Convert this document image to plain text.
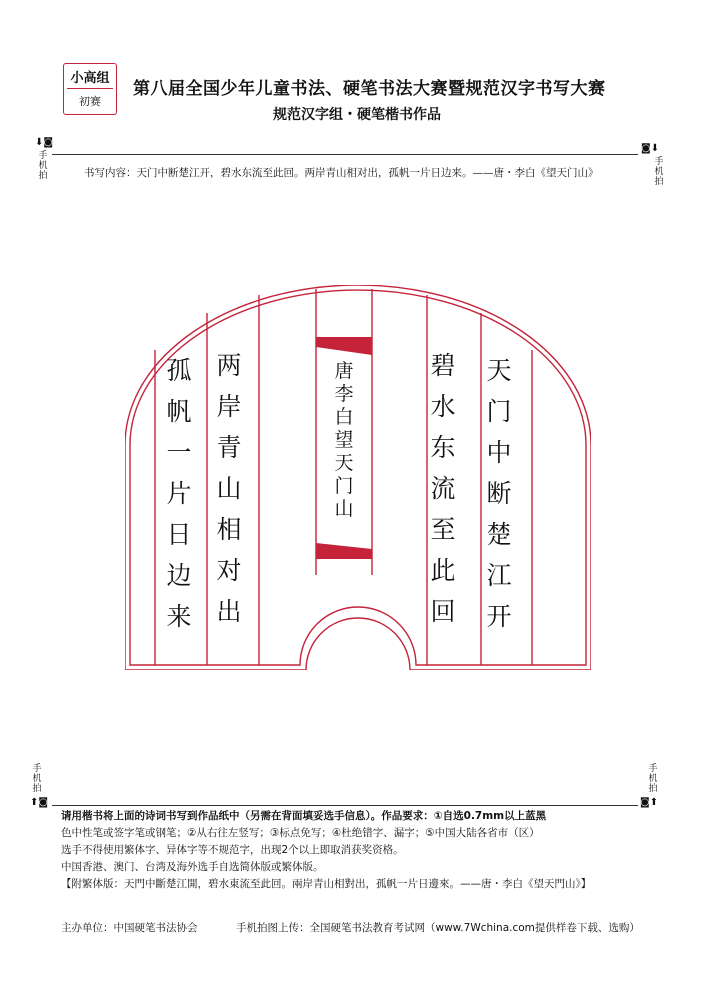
小高组
初赛
第八届全国少年儿童书法、硬笔书法大赛暨规范汉字书写大赛
规范汉字组・硬笔楷书作品
⬇◙
手机拍
◙⬇
手机拍
书写内容：天门中断楚江开，碧水东流至此回。两岸青山相对出，孤帆一片日边来。——唐・李白《望天门山》
天
门
中
断
楚
江
开
碧
水
东
流
至
此
回
两
岸
青
山
相
对
出
孤
帆
一
片
日
边
来
唐
李
白
望
天
门
山
手机拍
⬆◙
手机拍
◙⬆
请用楷书将上面的诗词书写到作品纸中（另需在背面填妥选手信息）。作品要求：①自选0.7mm以上蓝黑
色中性笔或签字笔或钢笔；②从右往左竖写；③标点免写；④杜绝错字、漏字；⑤中国大陆各省市（区）
选手不得使用繁体字、异体字等不规范字，出现2个以上即取消获奖资格。
中国香港、澳门、台湾及海外选手自选简体版或繁体版。
【附繁体版：天門中斷楚江開，碧水東流至此回。兩岸青山相對出，孤帆一片日邊來。——唐・李白《望天門山》】
主办单位：中国硬笔书法协会	手机拍图上传：全国硬笔书法教育考试网（www.7Wchina.com提供样卷下载、选购）
